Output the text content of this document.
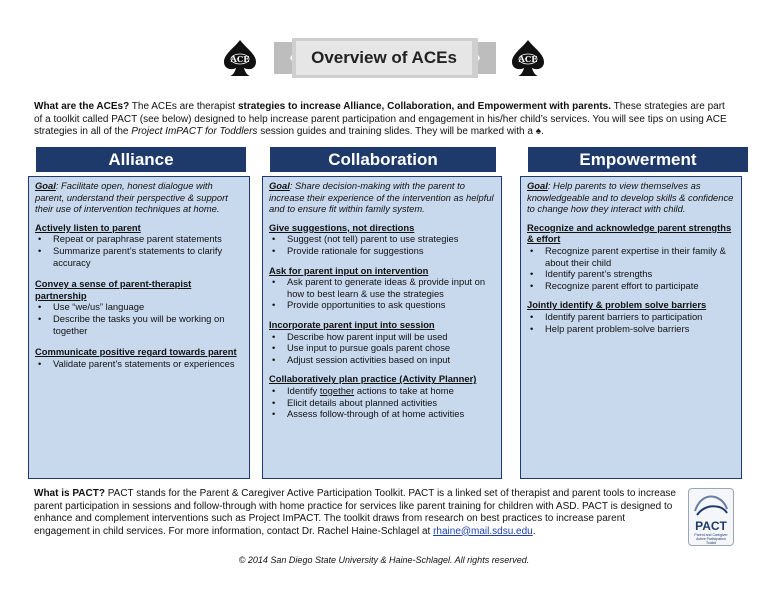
ACE	Overview of ACEs	ACE
What are the ACEs? The ACEs are therapist strategies to increase Alliance, Collaboration, and Empowerment with parents. These strategies are part of a toolkit called PACT (see below) designed to help increase parent participation and engagement in his/her child’s services. You will see tips on using ACE strategies in all of the Project ImPACT for Toddlers session guides and training slides. They will be marked with a ♠.
Alliance	Collaboration	Empowerment
Goal: Facilitate open, honest dialogue with parent, understand their perspective & support their use of intervention techniques at home.
Actively listen to parent
• Repeat or paraphrase parent statements
• Summarize parent’s statements to clarify accuracy
Convey a sense of parent-therapist partnership
• Use “we/us” language
• Describe the tasks you will be working on together
Communicate positive regard towards parent
• Validate parent’s statements or experiences
Goal: Share decision-making with the parent to increase their experience of the intervention as helpful and to ensure fit within family system.
Give suggestions, not directions
• Suggest (not tell) parent to use strategies
• Provide rationale for suggestions
Ask for parent input on intervention
• Ask parent to generate ideas & provide input on how to best learn & use the strategies
• Provide opportunities to ask questions
Incorporate parent input into session
• Describe how parent input will be used
• Use input to pursue goals parent chose
• Adjust session activities based on input
Collaboratively plan practice (Activity Planner)
• Identify together actions to take at home
• Elicit details about planned activities
• Assess follow-through of at home activities
Goal: Help parents to view themselves as knowledgeable and to develop skills & confidence to change how they interact with child.
Recognize and acknowledge parent strengths & effort
• Recognize parent expertise in their family & about their child
• Identify parent’s strengths
• Recognize parent effort to participate
Jointly identify & problem solve barriers
• Identify parent barriers to participation
• Help parent problem-solve barriers
What is PACT? PACT stands for the Parent & Caregiver Active Participation Toolkit. PACT is a linked set of therapist and parent tools to increase parent participation in sessions and follow-through with home practice for services like parent training for children with ASD. PACT is designed to enhance and complement interventions such as Project ImPACT. The toolkit draws from research on best practices to increase parent engagement in child services. For more information, contact Dr. Rachel Haine-Schlagel at rhaine@mail.sdsu.edu.	PACT
Parent and Caregiver Active Participation Toolkit
© 2014 San Diego State University & Haine-Schlagel. All rights reserved.
